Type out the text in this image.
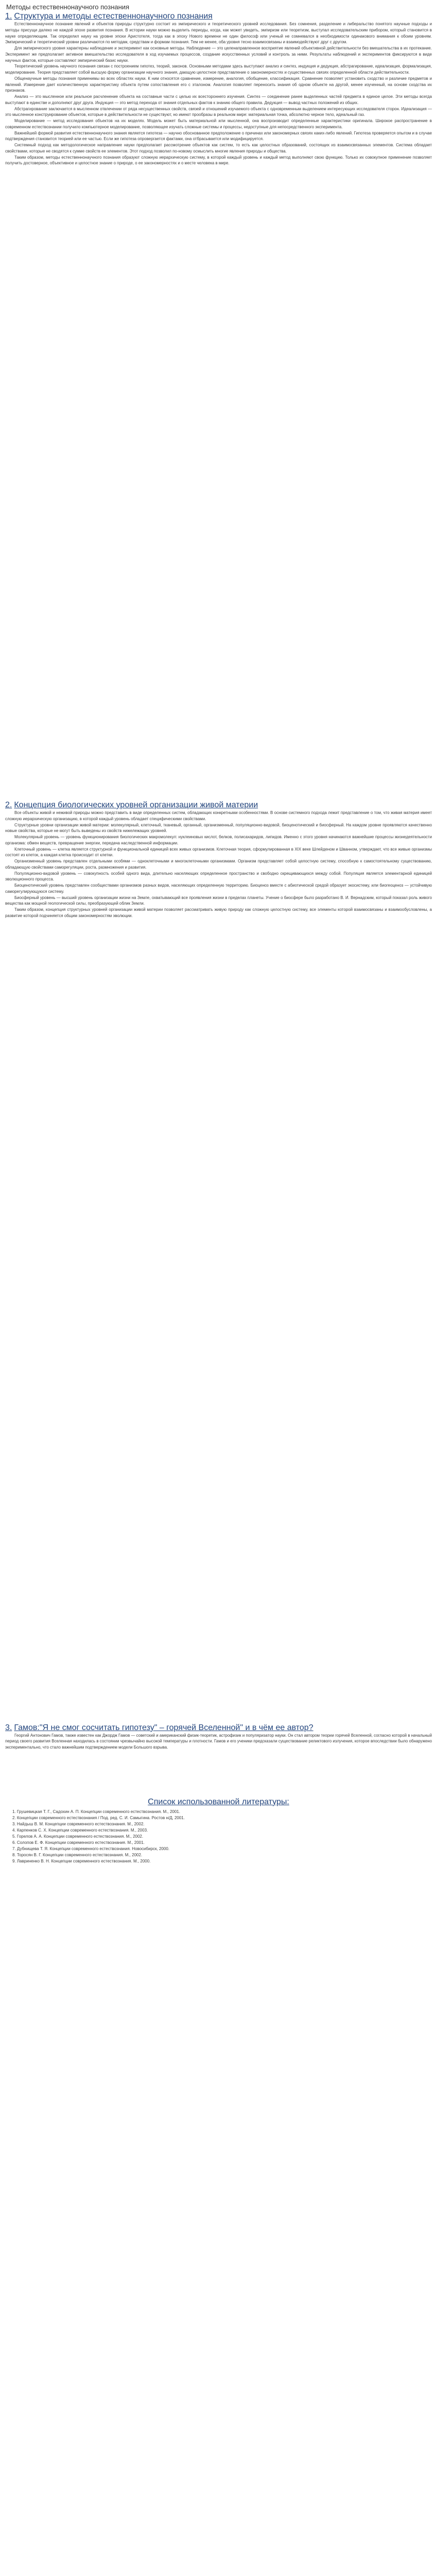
Методы естественнонаучного познания
1. Структура и методы естественнонаучного познания

Естественнонаучное познание явлений и объектов природы структурно состоит из эмпирического и теоретического уровней исследования. Без сомнения, разделение и либеральство понятого научные подходы и методы присущи далеко не каждой эпохе развития познания. В истории науки можно выделить периоды, когда, как может увидеть, эмпиризм или теоретизм, выступал исследовательским прибором, который становится в науке определяющим. Так определил науку на уровне эпохи Аристотеля, тогда как в эпоху Нового времени не один философ или ученый не сомневался в необходимости одинакового внимания к обоим уровням. Эмпирический и теоретический уровни различаются по методам, средствам и формам познания. Тем не менее, оба уровня тесно взаимосвязаны и взаимодействуют друг с другом.

Для эмпирического уровня характерны наблюдение и эксперимент как основные методы. Наблюдение — это целенаправленное восприятие явлений объективной действительности без вмешательства в их протекание. Эксперимент же предполагает активное вмешательство исследователя в ход изучаемых процессов, создание искусственных условий и контроль за ними. Результаты наблюдений и экспериментов фиксируются в виде научных фактов, которые составляют эмпирический базис науки.

Теоретический уровень научного познания связан с построением гипотез, теорий, законов. Основными методами здесь выступают анализ и синтез, индукция и дедукция, абстрагирование, идеализация, формализация, моделирование. Теория представляет собой высшую форму организации научного знания, дающую целостное представление о закономерностях и существенных связях определенной области действительности.

Общенаучные методы познания применимы во всех областях науки. К ним относятся сравнение, измерение, аналогия, обобщение, классификация. Сравнение позволяет установить сходство и различие предметов и явлений. Измерение дает количественную характеристику объекта путем сопоставления его с эталоном. Аналогия позволяет переносить знания об одном объекте на другой, менее изученный, на основе сходства их признаков.

Анализ — это мысленное или реальное расчленение объекта на составные части с целью их всестороннего изучения. Синтез — соединение ранее выделенных частей предмета в единое целое. Эти методы всегда выступают в единстве и дополняют друг друга. Индукция — это метод перехода от знания отдельных фактов к знанию общего правила. Дедукция — вывод частных положений из общих.

Абстрагирование заключается в мысленном отвлечении от ряда несущественных свойств, связей и отношений изучаемого объекта с одновременным выделением интересующих исследователя сторон. Идеализация — это мысленное конструирование объектов, которые в действительности не существуют, но имеют прообразы в реальном мире: материальная точка, абсолютно черное тело, идеальный газ.

Моделирование — метод исследования объектов на их моделях. Модель может быть материальной или мысленной, она воспроизводит определенные характеристики оригинала. Широкое распространение в современном естествознании получило компьютерное моделирование, позволяющее изучать сложные системы и процессы, недоступные для непосредственного эксперимента.

Важнейшей формой развития естественнонаучного знания является гипотеза — научно обоснованное предположение о причинах или закономерных связях каких-либо явлений. Гипотеза проверяется опытом и в случае подтверждения становится теорией или ее частью. Если же гипотеза опровергается фактами, она отбрасывается или модифицируется.

Системный подход как методологическое направление науки предполагает рассмотрение объектов как систем, то есть как целостных образований, состоящих из взаимосвязанных элементов. Система обладает свойствами, которые не сводятся к сумме свойств ее элементов. Этот подход позволил по-новому осмыслить многие явления природы и общества.

Таким образом, методы естественнонаучного познания образуют сложную иерархическую систему, в которой каждый уровень и каждый метод выполняют свою функцию. Только их совокупное применение позволяет получить достоверное, объективное и целостное знание о природе, о ее закономерностях и о месте человека в мире.

2. Концепция биологических уровней организации живой материи

Все объекты живой и неживой природы можно представить в виде определенных систем, обладающих конкретными особенностями. В основе системного подхода лежит представление о том, что живая материя имеет сложную иерархическую организацию, в которой каждый уровень обладает специфическими свойствами.

Структурные уровни организации живой материи: молекулярный, клеточный, тканевый, органный, организменный, популяционно-видовой, биоценотический и биосферный. На каждом уровне проявляются качественно новые свойства, которые не могут быть выведены из свойств нижележащих уровней.

Молекулярный уровень — уровень функционирования биологических макромолекул: нуклеиновых кислот, белков, полисахаридов, липидов. Именно с этого уровня начинаются важнейшие процессы жизнедеятельности организма: обмен веществ, превращение энергии, передача наследственной информации.

Клеточный уровень — клетка является структурной и функциональной единицей всех живых организмов. Клеточная теория, сформулированная в XIX веке Шлейденом и Шванном, утверждает, что все живые организмы состоят из клеток, а каждая клетка происходит от клетки.

Организменный уровень представлен отдельными особями — одноклеточными и многоклеточными организмами. Организм представляет собой целостную систему, способную к самостоятельному существованию, обладающую свойствами саморегуляции, роста, размножения и развития.

Популяционно-видовой уровень — совокупность особей одного вида, длительно населяющих определенное пространство и свободно скрещивающихся между собой. Популяция является элементарной единицей эволюционного процесса.

Биоценотический уровень представлен сообществами организмов разных видов, населяющих определенную территорию. Биоценоз вместе с абиотической средой образует экосистему, или биогеоценоз — устойчивую саморегулирующуюся систему.

Биосферный уровень — высший уровень организации жизни на Земле, охватывающий все проявления жизни в пределах планеты. Учение о биосфере было разработано В. И. Вернадским, который показал роль живого вещества как мощной геологической силы, преобразующей облик Земли.

Таким образом, концепция структурных уровней организации живой материи позволяет рассматривать живую природу как сложную целостную систему, все элементы которой взаимосвязаны и взаимообусловлены, а развитие которой подчиняется общим закономерностям эволюции.

3. Гамов:"Я не смог сосчитать гипотезу" – горячей Вселенной" и в чём ее автор?

Георгий Антонович Гамов, также известен как Джордж Гамов — советский и американский физик-теоретик, астрофизик и популяризатор науки. Он стал автором теории горячей Вселенной, согласно которой в начальный период своего развития Вселенная находилась в состоянии чрезвычайно высокой температуры и плотности. Гамов и его ученики предсказали существование реликтового излучения, которое впоследствии было обнаружено экспериментально, что стало важнейшим подтверждением модели Большого взрыва.

Список использованной литературы:
1. Грушевицкая Т. Г., Садохин А. П. Концепции современного естествознания. М., 2001.
2. Концепции современного естествознания / Под. ред. С. И. Самыгина. Ростов н/Д, 2001.
3. Найдыш В. М. Концепции современного естествознания. М., 2002.
4. Карпенков С. Х. Концепции современного естествознания. М., 2003.
5. Горелов А. А. Концепции современного естествознания. М., 2002.
6. Солопов Е. Ф. Концепции современного естествознания. М., 2001.
7. Дубнищева Т. Я. Концепции современного естествознания. Новосибирск, 2000.
8. Торосян В. Г. Концепции современного естествознания. М., 2002.
9. Лавриненко В. Н. Концепции современного естествознания. М., 2000.
